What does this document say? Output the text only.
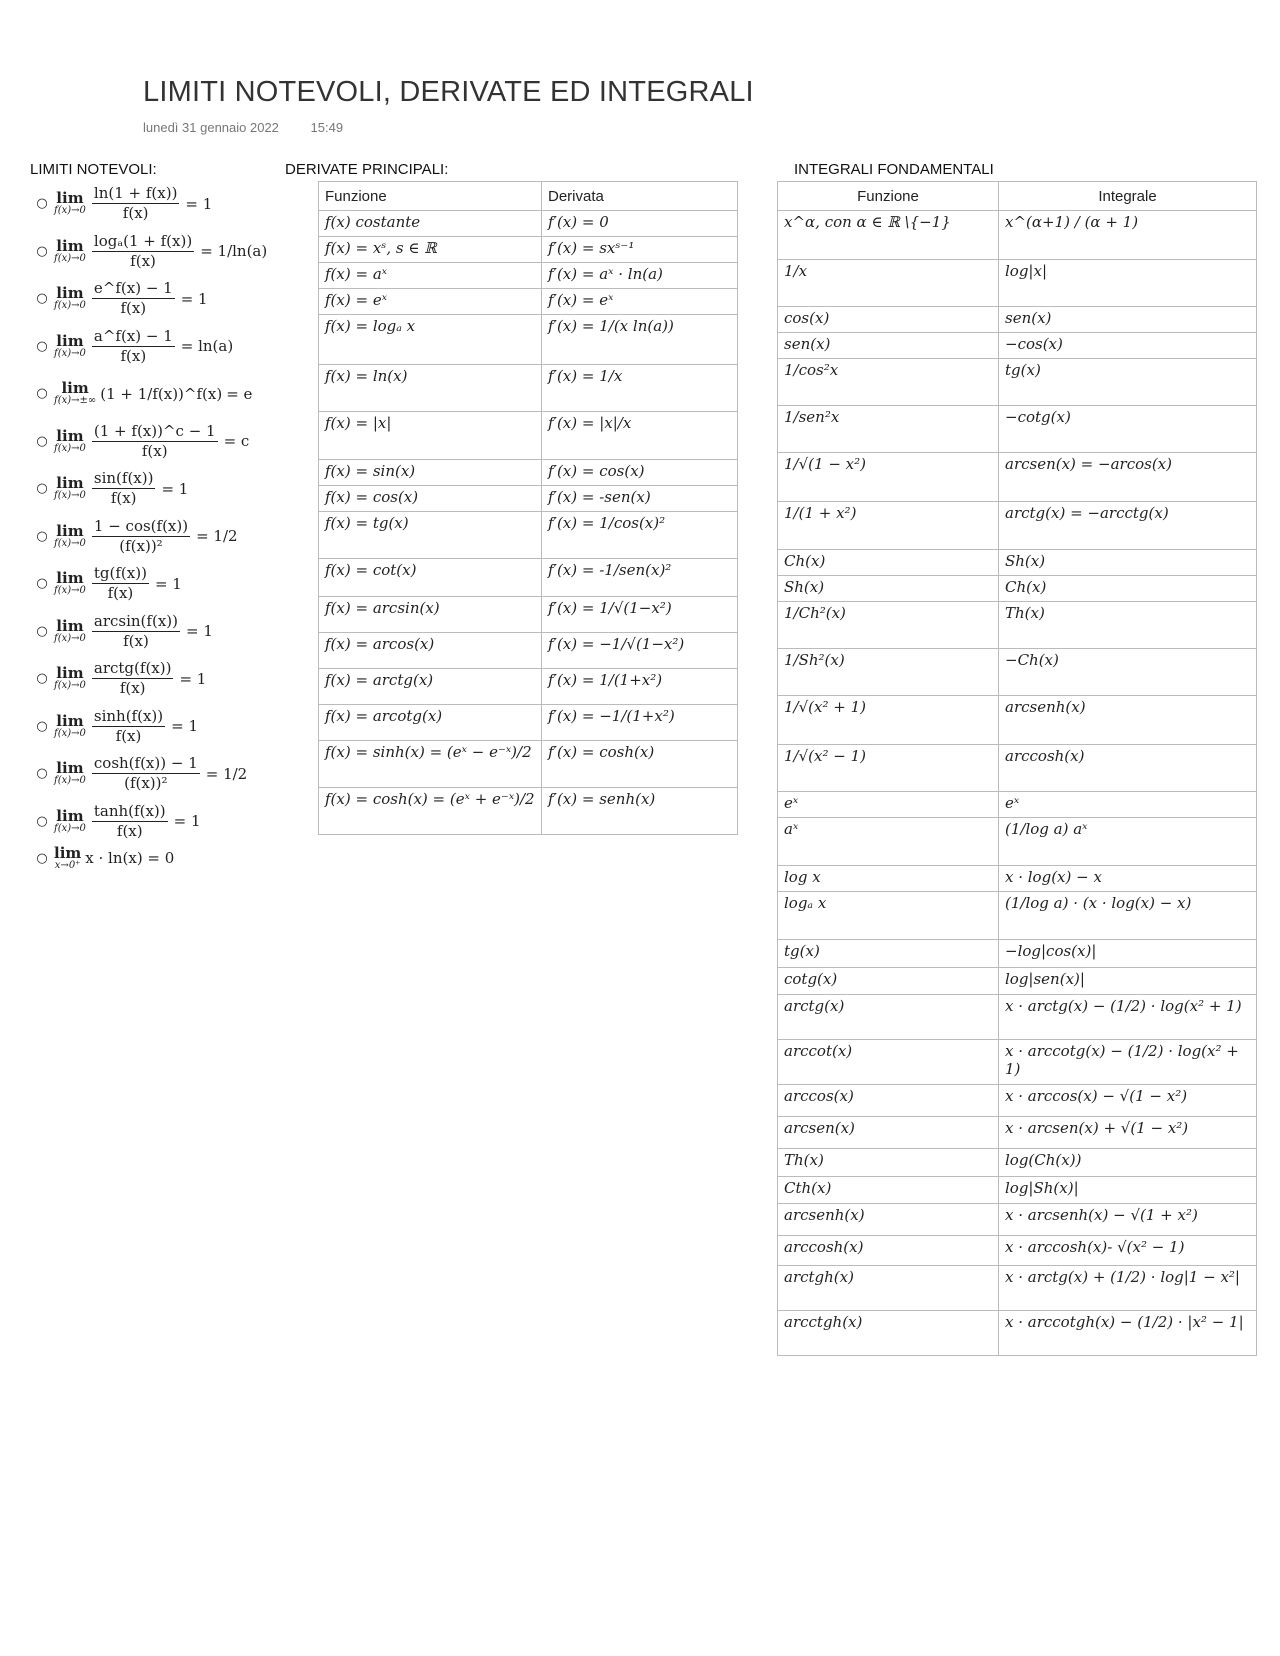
LIMITI NOTEVOLI, DERIVATE ED INTEGRALI
lunedì 31 gennaio 2022 15:49
LIMITI NOTEVOLI:	DERIVATE PRINCIPALI:	INTEGRALI FONDAMENTALI
○ lim
$f(x)\to 0 \frac{\ln(1 + f(x))}{f(x)} = 1$
○ lim
$f(x)\to 0 \frac{\text{logₐ(1 + f(x))}}{f(x)} = 1/\ln(a)$
○ lim
$f(x)\to 0 \frac{e\^{}f(x) - 1}{f(x)} = 1$
○ lim
$f(x)\to 0 \frac{a\^{}f(x) - 1}{f(x)} = \ln(a)$
○ lim
f(x)→±∞ (1 + 1/f(x))^f(x) = e
○ lim
$f(x)\to 0 \frac{(1 + f(x))\^{}c - 1}{f(x)} = c$
○ lim
$f(x)\to 0 \frac{\sin(f(x))}{f(x)} = 1$
○ lim
$f(x)\to 0 \frac{1 - \cos(f(x))}{\text{(f(x))²}} = 1/2$
○ lim
$f(x)\to 0 \frac{tg(f(x))}{f(x)} = 1$
○ lim
$f(x)\to 0 \frac{\arcsin(f(x))}{f(x)} = 1$
○ lim
$f(x)\to 0 \frac{\text{arctg(f(x))}}{f(x)} = 1$
○ lim
$f(x)\to 0 \frac{\sinh(f(x))}{f(x)} = 1$
○ lim
$f(x)\to 0 \frac{\cosh(f(x)) - 1}{\text{(f(x))²}} = 1/2$
○ lim
$f(x)\to 0 \frac{\tanh(f(x))}{f(x)} = 1$
○ lim
x→0⁺ x · ln(x) = 0
Funzione	Derivata
f(x) costante	f′(x) = 0
f(x) = xˢ, s ∈ ℝ	f′(x) = sxˢ⁻¹
f(x) = aˣ	f′(x) = aˣ · ln(a)
f(x) = eˣ	f′(x) = eˣ
f(x) = logₐ x	f′(x) = 1/(x ln(a))
f(x) = ln(x)	f′(x) = 1/x
f(x) = |x|	f′(x) = |x|/x
f(x) = sin(x)	f′(x) = cos(x)
f(x) = cos(x)	f′(x) = -sen(x)
f(x) = tg(x)	f′(x) = 1/cos(x)²
f(x) = cot(x)	f′(x) = -1/sen(x)²
f(x) = arcsin(x)	f′(x) = 1/√(1−x²)
f(x) = arcos(x)	f′(x) = −1/√(1−x²)
f(x) = arctg(x)	f′(x) = 1/(1+x²)
f(x) = arcotg(x)	f′(x) = −1/(1+x²)
f(x) = sinh(x) = (eˣ − e⁻ˣ)/2	f′(x) = cosh(x)
f(x) = cosh(x) = (eˣ + e⁻ˣ)/2	f′(x) = senh(x)
Funzione	Integrale
x^α, con α ∈ ℝ \{−1}	x^(α+1) / (α + 1)
1/x	log|x|
cos(x)	sen(x)
sen(x)	−cos(x)
1/cos²x	tg(x)
1/sen²x	−cotg(x)
1/√(1 − x²)	arcsen(x) = −arcos(x)
1/(1 + x²)	arctg(x) = −arcctg(x)
Ch(x)	Sh(x)
Sh(x)	Ch(x)
1/Ch²(x)	Th(x)
1/Sh²(x)	−Ch(x)
1/√(x² + 1)	arcsenh(x)
1/√(x² − 1)	arccosh(x)
eˣ	eˣ
aˣ	(1/log a) aˣ
log x	x · log(x) − x
logₐ x	(1/log a) · (x · log(x) − x)
tg(x)	−log|cos(x)|
cotg(x)	log|sen(x)|
arctg(x)	x · arctg(x) − (1/2) · log(x² + 1)
arccot(x)	x · arccotg(x) − (1/2) · log(x² + 1)
arccos(x)	x · arccos(x) − √(1 − x²)
arcsen(x)	x · arcsen(x) + √(1 − x²)
Th(x)	log(Ch(x))
Cth(x)	log|Sh(x)|
arcsenh(x)	x · arcsenh(x) − √(1 + x²)
arccosh(x)	x · arccosh(x)- √(x² − 1)
arctgh(x)	x · arctg(x) + (1/2) · log|1 − x²|
arcctgh(x)	x · arccotgh(x) − (1/2) · |x² − 1|
